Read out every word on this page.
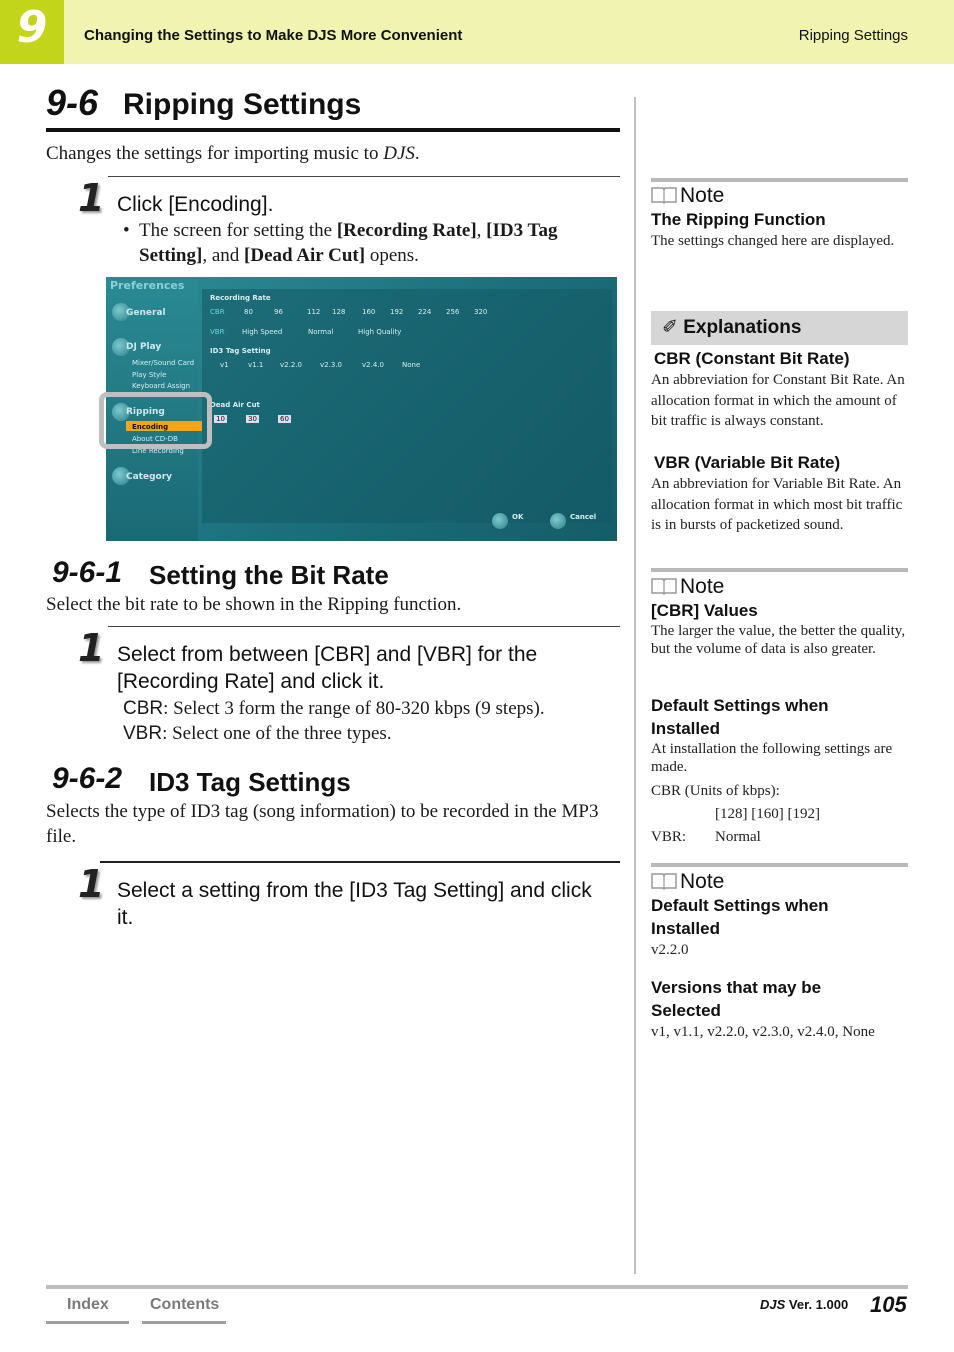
9	Changing the Settings to Make DJS More Convenient	Ripping Settings
9-6 Ripping Settings
Changes the settings for importing music to DJS.
1 Click [Encoding].
• The screen for setting the [Recording Rate], [ID3 Tag Setting], and [Dead Air Cut] opens.
Preferences
General
DJ Play
Mixer/Sound Card
Play Style
Keyboard Assign
Ripping
Encoding
About CD-DB
Line Recording
Category
Recording Rate
CBR	80	96	112 128 160 192 224 256 320
VBR	High Speed	Normal	High Quality
ID3 Tag Setting
v1	v1.1 v2.2.0	v2.3.0	v2.4.0	None
Dead Air Cut
10	30	60
OK	Cancel
9-6-1 Setting the Bit Rate
Select the bit rate to be shown in the Ripping function.
1 Select from between [CBR] and [VBR] for the [Recording Rate] and click it.
CBR: Select 3 form the range of 80-320 kbps (9 steps).
VBR: Select one of the three types.
9-6-2 ID3 Tag Settings
Selects the type of ID3 tag (song information) to be recorded in the MP3 file.
1 Select a setting from the [ID3 Tag Setting] and click it.
Note
The Ripping Function
The settings changed here are displayed.
✐ Explanations
CBR (Constant Bit Rate)
An abbreviation for Constant Bit Rate. An allocation format in which the amount of bit traffic is always constant.
VBR (Variable Bit Rate)
An abbreviation for Variable Bit Rate. An allocation format in which most bit traffic is in bursts of packetized sound.
Note
[CBR] Values
The larger the value, the better the quality, but the volume of data is also greater.
Default Settings when Installed
At installation the following settings are made.
CBR (Units of kbps):
[128] [160] [192]
VBR:	Normal
Note
Default Settings when Installed
v2.2.0
Versions that may be Selected
v1, v1.1, v2.2.0, v2.3.0, v2.4.0, None
Index	Contents	DJS Ver. 1.000 105
